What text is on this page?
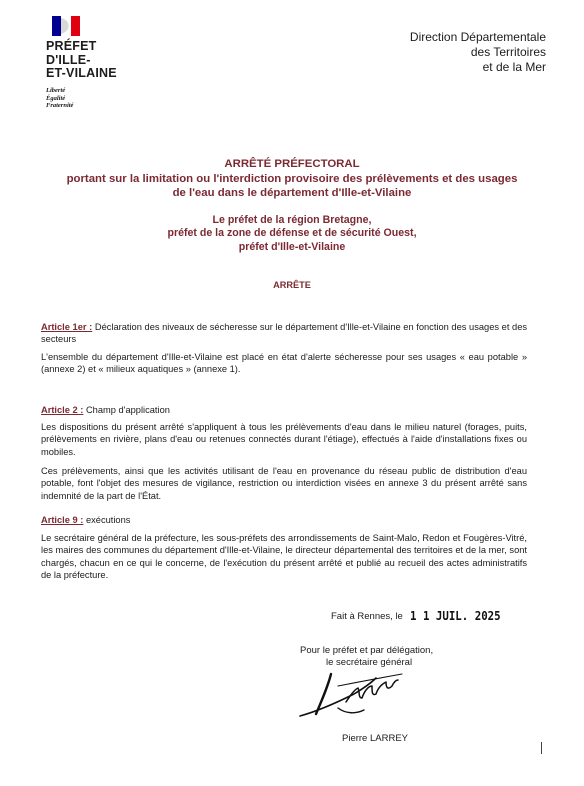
PRÉFET
D'ILLE-
ET-VILAINE
Liberté
Égalité
Fraternité
Direction Départementale
des Territoires
et de la Mer
ARRÊTÉ PRÉFECTORAL
portant sur la limitation ou l'interdiction provisoire des prélèvements et des usages
de l'eau dans le département d'Ille-et-Vilaine
Le préfet de la région Bretagne,
préfet de la zone de défense et de sécurité Ouest,
préfet d'Ille-et-Vilaine
ARRÊTE
Article 1er : Déclaration des niveaux de sécheresse sur le département d'Ille-et-Vilaine en fonction des usages et des secteurs
L'ensemble du département d'Ille-et-Vilaine est placé en état d'alerte sécheresse pour ses usages « eau potable » (annexe 2) et « milieux aquatiques » (annexe 1).
Article 2 : Champ d'application
Les dispositions du présent arrêté s'appliquent à tous les prélèvements d'eau dans le milieu naturel (forages, puits, prélèvements en rivière, plans d'eau ou retenues connectés durant l'étiage), effectués à l'aide d'installations fixes ou mobiles.
Ces prélèvements, ainsi que les activités utilisant de l'eau en provenance du réseau public de distribution d'eau potable, font l'objet des mesures de vigilance, restriction ou interdiction visées en annexe 3 du présent arrêté sans indemnité de la part de l'État.
Article 9 : exécutions
Le secrétaire général de la préfecture, les sous-préfets des arrondissements de Saint-Malo, Redon et Fougères-Vitré, les maires des communes du département d'Ille-et-Vilaine, le directeur départemental des territoires et de la mer, sont chargés, chacun en ce qui le concerne, de l'exécution du présent arrêté et publié au recueil des actes administratifs de la préfecture.
Fait à Rennes, le 1 1 JUIL. 2025
Pour le préfet et par délégation,
le secrétaire général
Pierre LARREY
